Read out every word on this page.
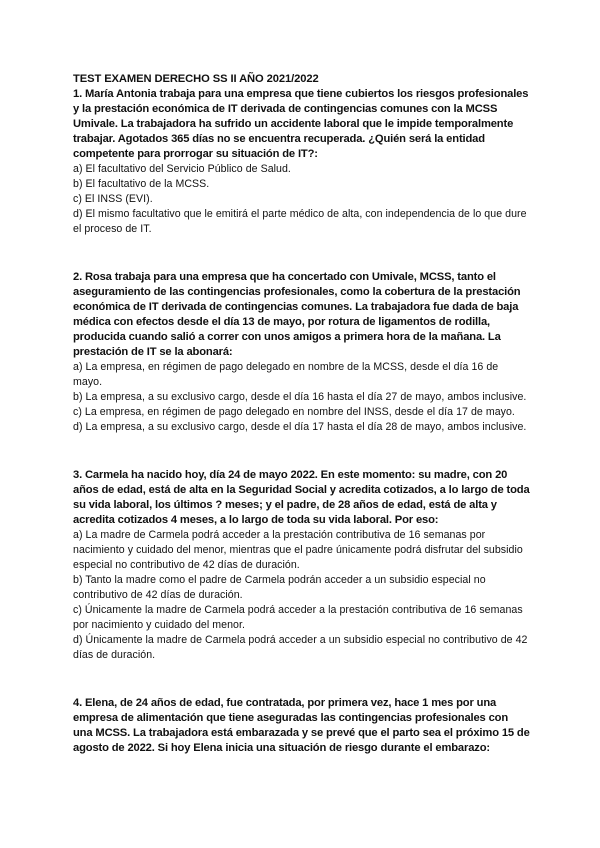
TEST EXAMEN DERECHO SS II AÑO 2021/2022
1. María Antonia trabaja para una empresa que tiene cubiertos los riesgos profesionales y la prestación económica de IT derivada de contingencias comunes con la MCSS Umivale. La trabajadora ha sufrido un accidente laboral que le impide temporalmente trabajar. Agotados 365 días no se encuentra recuperada. ¿Quién será la entidad competente para prorrogar su situación de IT?:

a) El facultativo del Servicio Público de Salud.

b) El facultativo de la MCSS.

c) El INSS (EVI).

d) El mismo facultativo que le emitirá el parte médico de alta, con independencia de lo que dure el proceso de IT.

2. Rosa trabaja para una empresa que ha concertado con Umivale, MCSS, tanto el aseguramiento de las contingencias profesionales, como la cobertura de la prestación económica de IT derivada de contingencias comunes. La trabajadora fue dada de baja médica con efectos desde el día 13 de mayo, por rotura de ligamentos de rodilla, producida cuando salió a correr con unos amigos a primera hora de la mañana. La prestación de IT se la abonará:

a) La empresa, en régimen de pago delegado en nombre de la MCSS, desde el día 16 de mayo.

b) La empresa, a su exclusivo cargo, desde el día 16 hasta el día 27 de mayo, ambos inclusive.

c) La empresa, en régimen de pago delegado en nombre del INSS, desde el día 17 de mayo.

d) La empresa, a su exclusivo cargo, desde el día 17 hasta el día 28 de mayo, ambos inclusive.

3. Carmela ha nacido hoy, día 24 de mayo 2022. En este momento: su madre, con 20 años de edad, está de alta en la Seguridad Social y acredita cotizados, a lo largo de toda su vida laboral, los últimos ? meses; y el padre, de 28 años de edad, está de alta y acredita cotizados 4 meses, a lo largo de toda su vida laboral. Por eso:

a) La madre de Carmela podrá acceder a la prestación contributiva de 16 semanas por nacimiento y cuidado del menor, mientras que el padre únicamente podrá disfrutar del subsidio especial no contributivo de 42 días de duración.

b) Tanto la madre como el padre de Carmela podrán acceder a un subsidio especial no contributivo de 42 días de duración.

c) Únicamente la madre de Carmela podrá acceder a la prestación contributiva de 16 semanas por nacimiento y cuidado del menor.

d) Únicamente la madre de Carmela podrá acceder a un subsidio especial no contributivo de 42 días de duración.

4. Elena, de 24 años de edad, fue contratada, por primera vez, hace 1 mes por una empresa de alimentación que tiene aseguradas las contingencias profesionales con una MCSS. La trabajadora está embarazada y se prevé que el parto sea el próximo 15 de agosto de 2022. Si hoy Elena inicia una situación de riesgo durante el embarazo:
